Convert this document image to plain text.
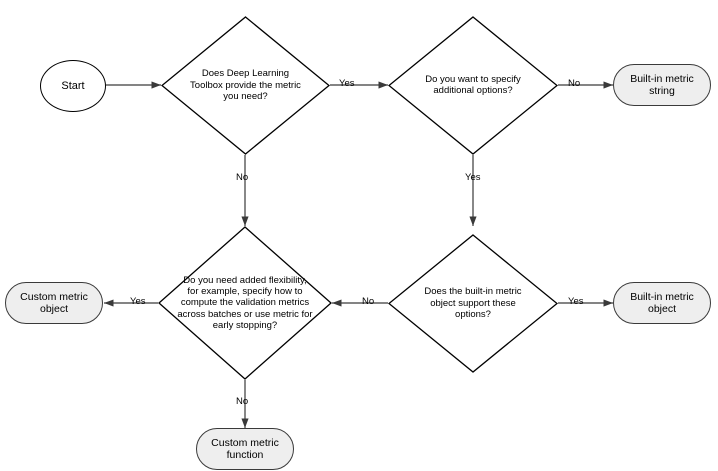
Start
Does Deep Learning Toolbox provide the metric you need?
Do you want to specify additional options?
Built-in metric string
Does the built-in metric object support these options?
Built-in metric object
Do you need added flexibility, for example, specify how to compute the validation metrics across batches or use metric for early stopping?
Custom metric object
Custom metric function
Yes
No
No
Yes
Yes
No
Yes
No
